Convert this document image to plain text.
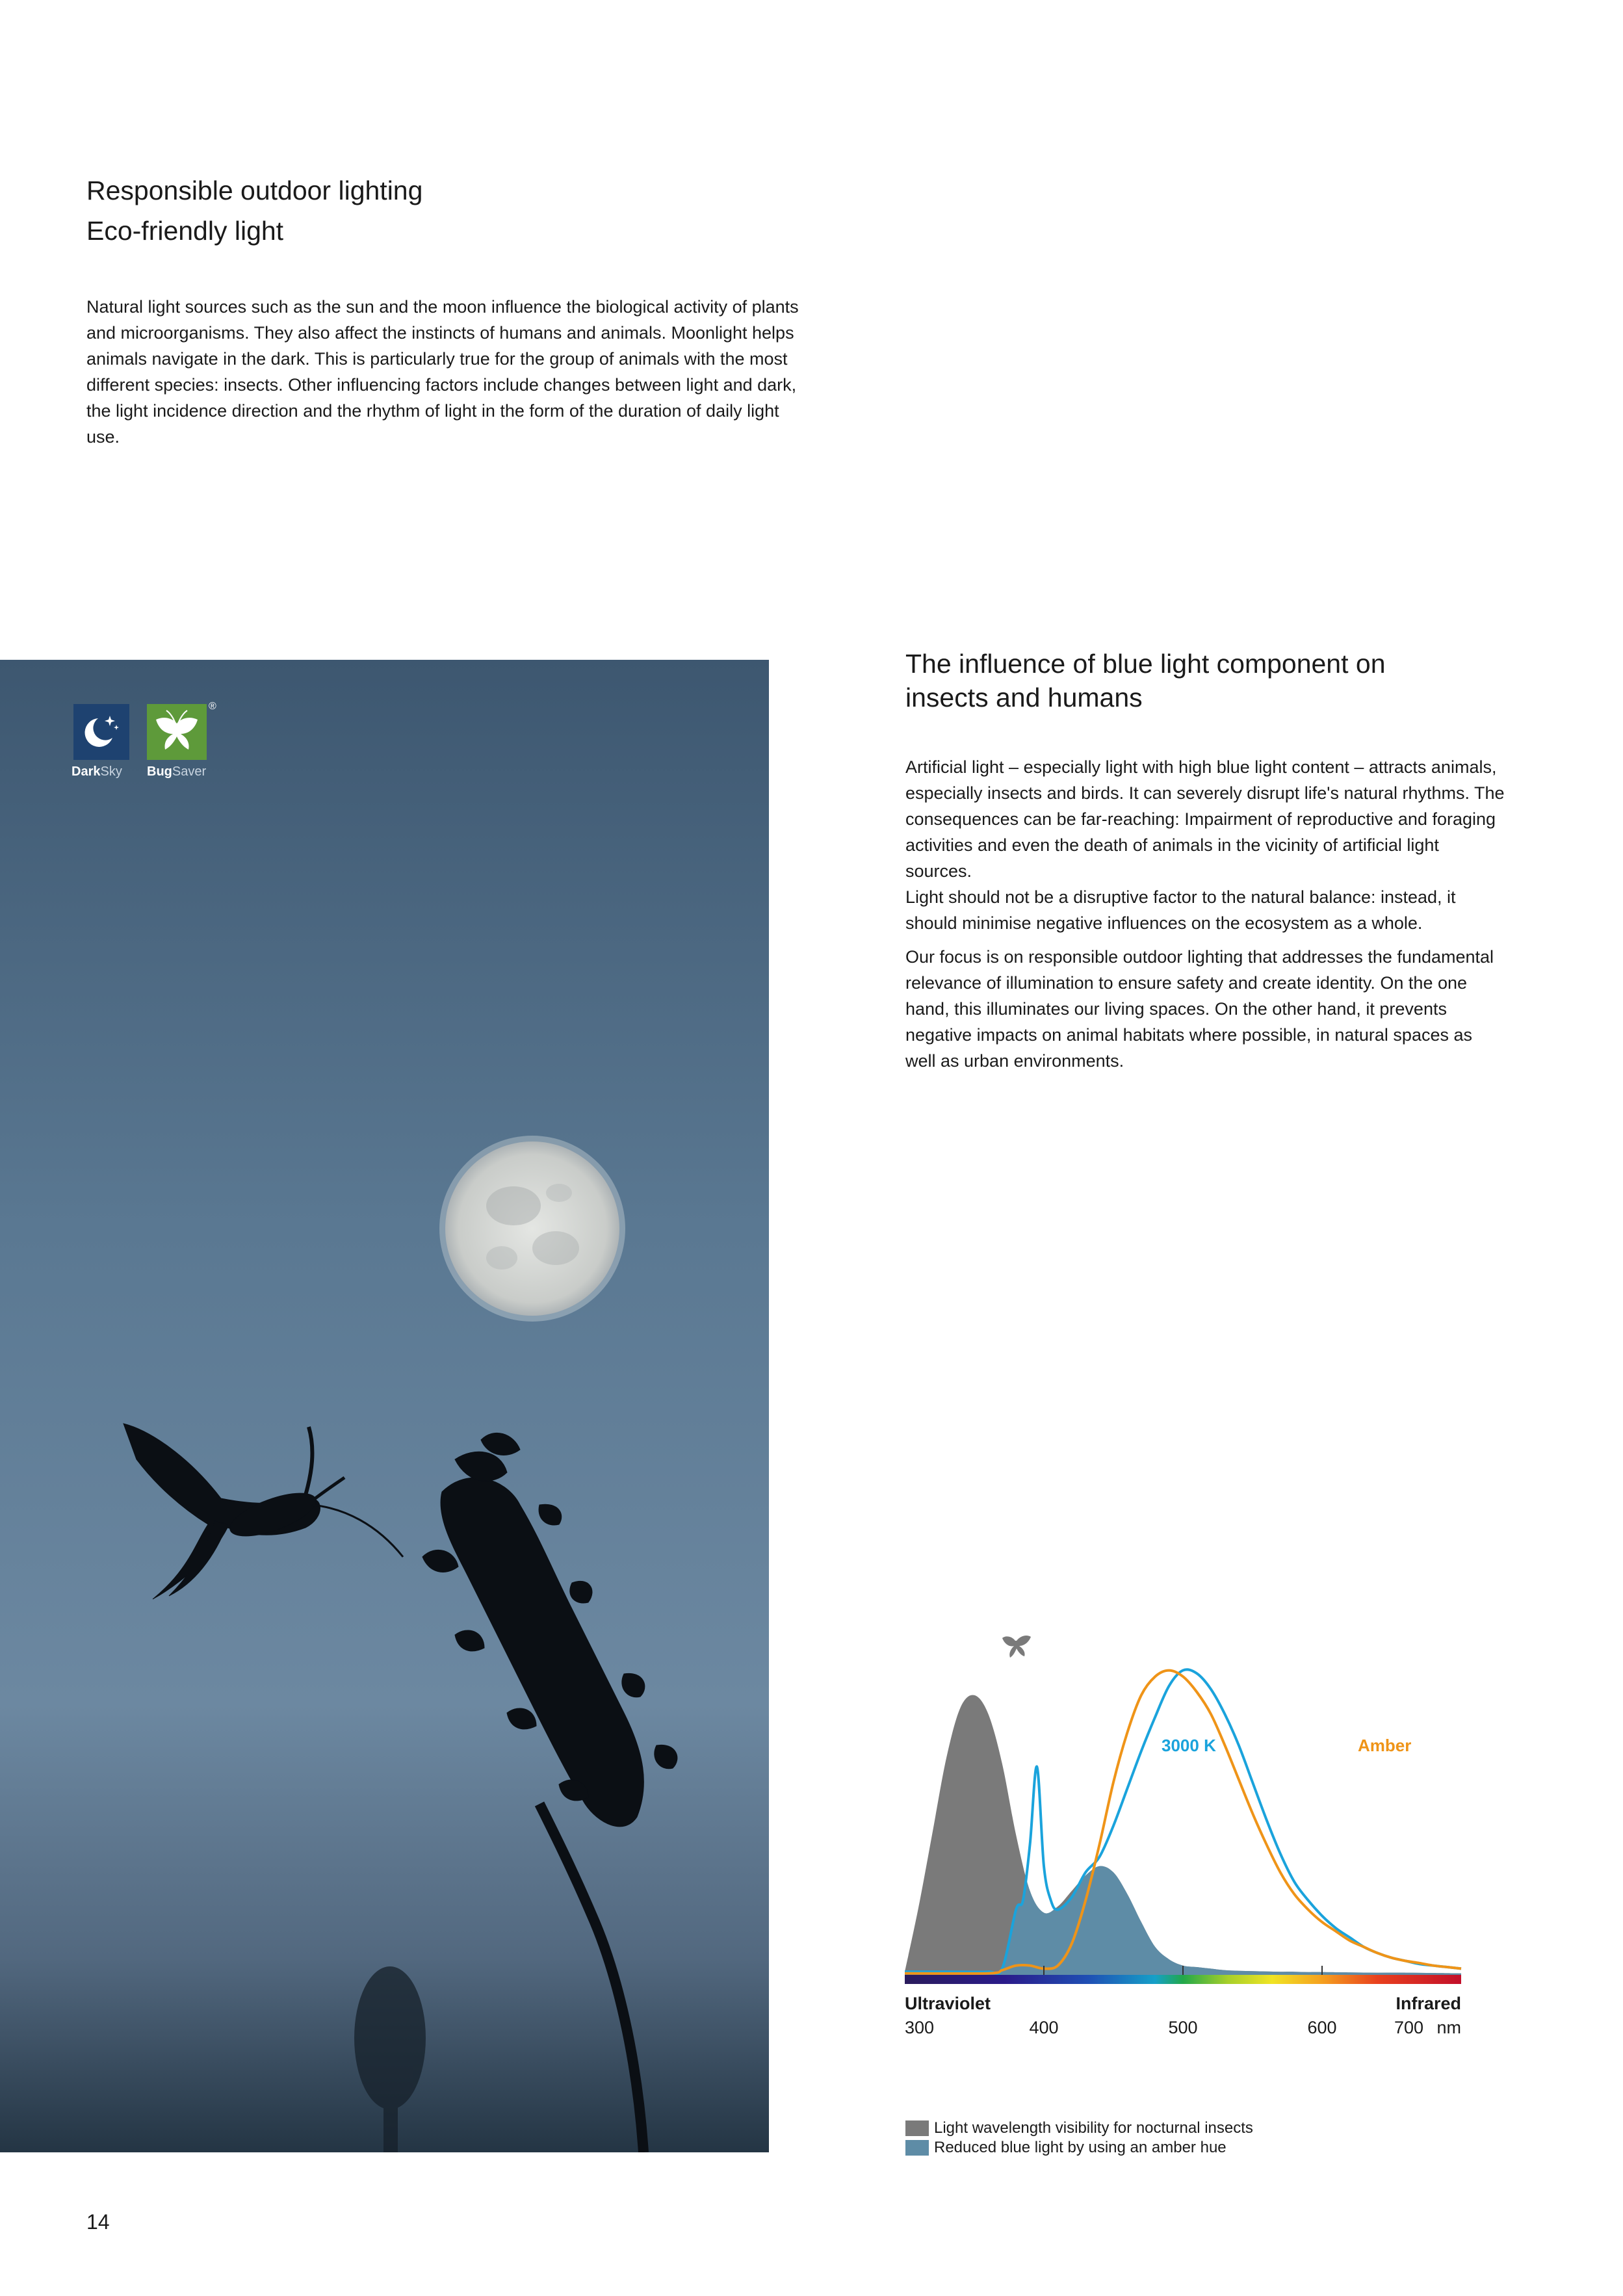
Responsible outdoor lighting
Eco-friendly light

Natural light sources such as the sun and the moon influence the biological activity of plants and microorganisms. They also affect the instincts of humans and animals. Moonlight helps animals navigate in the dark. This is particularly true for the group of animals with the most different species: insects. Other influencing factors include changes between light and dark, the light incidence direction and the rhythm of light in the form of the duration of daily light use.

DarkSky
®
BugSaver
The influence of blue light component on
insects and humans

Artificial light – especially light with high blue light content – attracts animals, especially insects and birds. It can severely disrupt life's natural rhythms. The consequences can be far-reaching: Impairment of reproductive and foraging activities and even the death of animals in the vicinity of artificial light sources.

Light should not be a disruptive factor to the natural balance: instead, it should minimise negative influences on the ecosystem as a whole.

Our focus is on responsible outdoor lighting that addresses the fundamental relevance of illumination to ensure safety and create identity. On the one hand, this illuminates our living spaces. On the other hand, it prevents negative impacts on animal habitats where possible, in natural spaces as well as urban environments.

3000 K	Amber
Ultraviolet	Infrared
300	400	500	600	700 nm
Light wavelength visibility for nocturnal insects
Reduced blue light by using an amber hue
14
